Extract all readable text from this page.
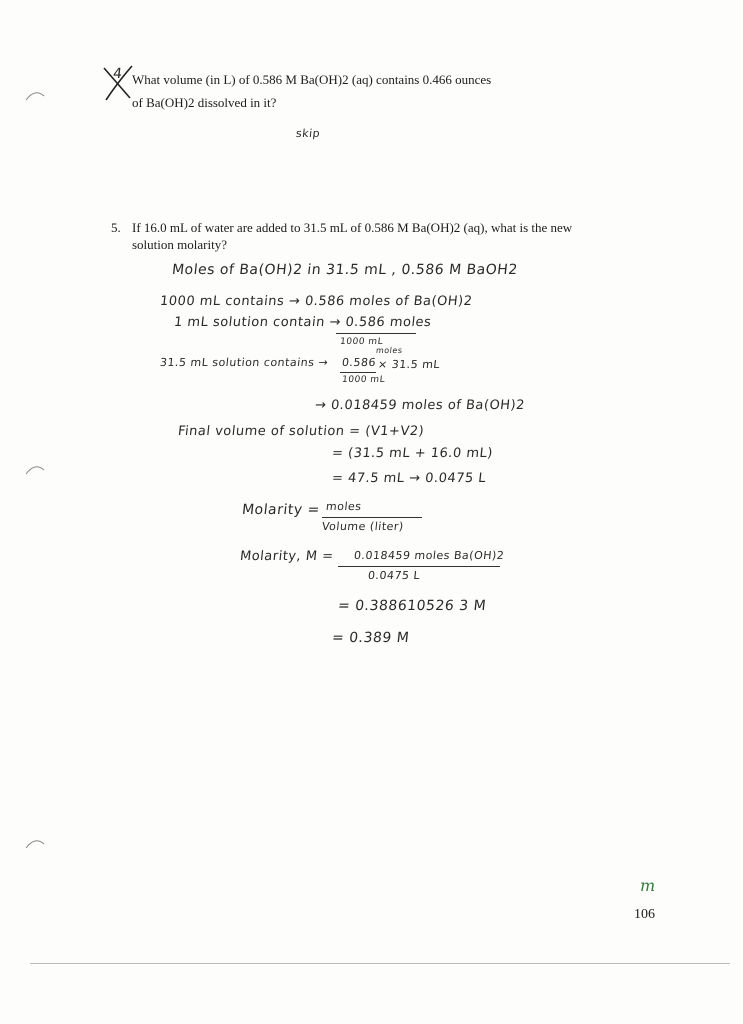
4 What volume (in L) of 0.586 M Ba(OH)2 (aq) contains 0.466 ounces
of Ba(OH)2 dissolved in it?
skip
5. If 16.0 mL of water are added to 31.5 mL of 0.586 M Ba(OH)2 (aq), what is the new
solution molarity?
Moles of Ba(OH)2 in 31.5 mL , 0.586 M BaOH2
1000 mL contains → 0.586 moles of Ba(OH)2
1 mL solution contain → 0.586 moles
1000 mL
31.5 mL solution contains → 0.586
moles
× 31.5 mL
1000 mL
→ 0.018459 moles of Ba(OH)2
Final volume of solution = (V1+V2)
= (31.5 mL + 16.0 mL)
= 47.5 mL → 0.0475 L
Molarity = moles
Volume (liter)
Molarity, M = 0.018459 moles Ba(OH)2
0.0475 L
= 0.388610526 3 M
= 0.389 M
m
106
